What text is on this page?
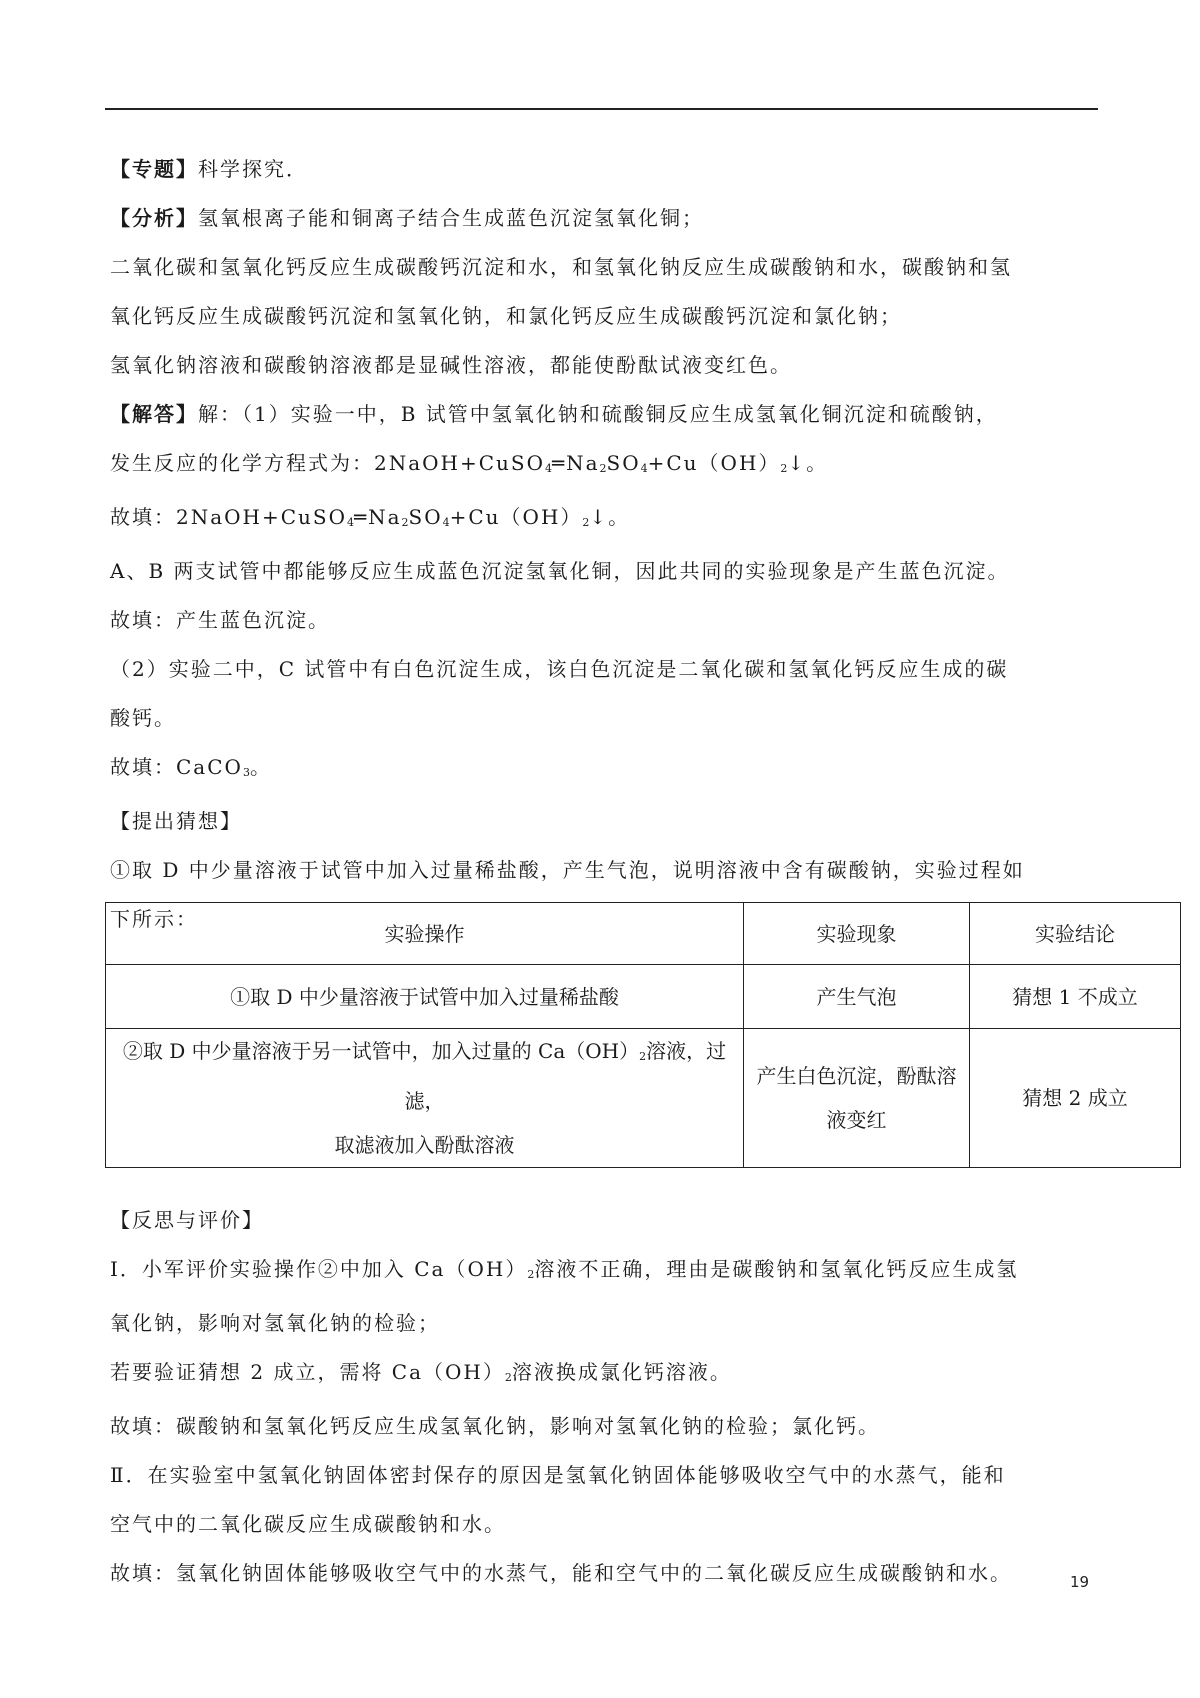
【专题】科学探究．

【分析】氢氧根离子能和铜离子结合生成蓝色沉淀氢氧化铜；

二氧化碳和氢氧化钙反应生成碳酸钙沉淀和水，和氢氧化钠反应生成碳酸钠和水，碳酸钠和氢

氧化钙反应生成碳酸钙沉淀和氢氧化钠，和氯化钙反应生成碳酸钙沉淀和氯化钠；

氢氧化钠溶液和碳酸钠溶液都是显碱性溶液，都能使酚酞试液变红色。

【解答】解：（1）实验一中，B 试管中氢氧化钠和硫酸铜反应生成氢氧化铜沉淀和硫酸钠，

发生反应的化学方程式为：$2NaOH+CuSO_4═Na_2SO_4+Cu(OH)_2↓$。

故填：$2NaOH+CuSO_4═Na_2SO_4+Cu(OH)_2↓$。

A、B 两支试管中都能够反应生成蓝色沉淀氢氧化铜，因此共同的实验现象是产生蓝色沉淀。

故填：产生蓝色沉淀。

（2）实验二中，C 试管中有白色沉淀生成，该白色沉淀是二氧化碳和氢氧化钙反应生成的碳

酸钙。

故填：CaCO$_3$。

【提出猜想】

①取 D 中少量溶液于试管中加入过量稀盐酸，产生气泡，说明溶液中含有碳酸钠，实验过程如

下所示：

【反思与评价】

Ⅰ．小军评价实验操作②中加入 $Ca(OH)_2$溶液不正确，理由是碳酸钠和氢氧化钙反应生成氢

氧化钠，影响对氢氧化钠的检验；

若要验证猜想 2 成立，需将 $Ca(OH)_2$溶液换成氯化钙溶液。

故填：碳酸钠和氢氧化钙反应生成氢氧化钠，影响对氢氧化钠的检验；氯化钙。

Ⅱ．在实验室中氢氧化钠固体密封保存的原因是氢氧化钠固体能够吸收空气中的水蒸气，能和

空气中的二氧化碳反应生成碳酸钠和水。

故填：氢氧化钠固体能够吸收空气中的水蒸气，能和空气中的二氧化碳反应生成碳酸钠和水。

实验操作	实验现象	实验结论
①取 D 中少量溶液于试管中加入过量稀盐酸	产生气泡	猜想 1 不成立
②取 D 中少量溶液于另一试管中，加入过量的 $Ca(OH)_2$溶液，过滤，
取滤液加入酚酞溶液	产生白色沉淀，酚酞溶
液变红	猜想 2 成立
19
